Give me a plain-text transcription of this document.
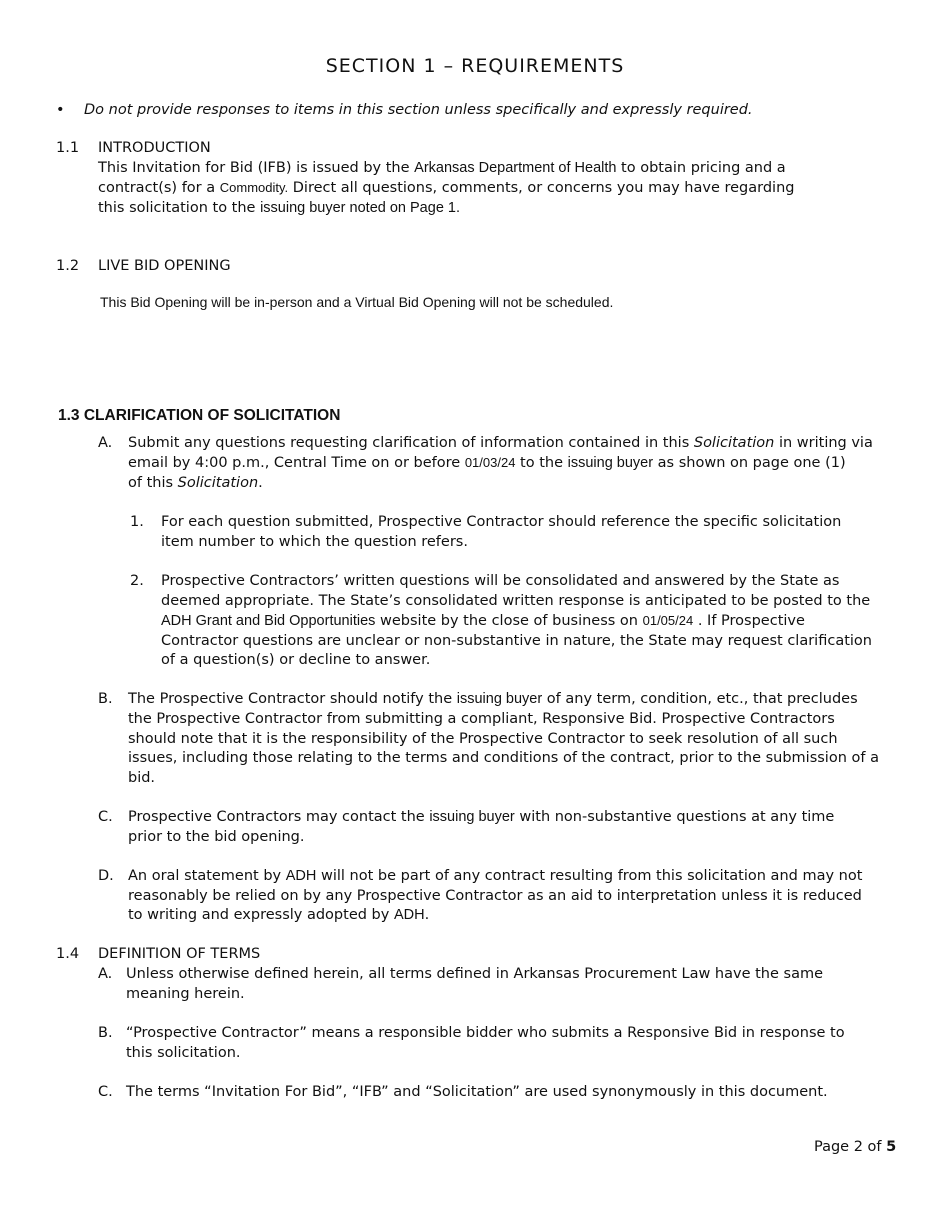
SECTION 1 – REQUIREMENTS
• Do not provide responses to items in this section unless specifically and expressly required.
1.1 INTRODUCTION
This Invitation for Bid (IFB) is issued by the Arkansas Department of Health to obtain pricing and a
contract(s) for a Commodity. Direct all questions, comments, or concerns you may have regarding
this solicitation to the issuing buyer noted on Page 1.
1.2 LIVE BID OPENING
This Bid Opening will be in-person and a Virtual Bid Opening will not be scheduled.
1.3 CLARIFICATION OF SOLICITATION
A. Submit any questions requesting clarification of information contained in this Solicitation in writing via
email by 4:00 p.m., Central Time on or before 01/03/24 to the issuing buyer as shown on page one (1)
of this Solicitation.
1. For each question submitted, Prospective Contractor should reference the specific solicitation
item number to which the question refers.
2. Prospective Contractors’ written questions will be consolidated and answered by the State as
deemed appropriate. The State’s consolidated written response is anticipated to be posted to the
ADH Grant and Bid Opportunities website by the close of business on 01/05/24 . If Prospective
Contractor questions are unclear or non-substantive in nature, the State may request clarification
of a question(s) or decline to answer.
B. The Prospective Contractor should notify the issuing buyer of any term, condition, etc., that precludes
the Prospective Contractor from submitting a compliant, Responsive Bid. Prospective Contractors
should note that it is the responsibility of the Prospective Contractor to seek resolution of all such
issues, including those relating to the terms and conditions of the contract, prior to the submission of a
bid.
C. Prospective Contractors may contact the issuing buyer with non-substantive questions at any time
prior to the bid opening.
D. An oral statement by ADH will not be part of any contract resulting from this solicitation and may not
reasonably be relied on by any Prospective Contractor as an aid to interpretation unless it is reduced
to writing and expressly adopted by ADH.
1.4 DEFINITION OF TERMS
A. Unless otherwise defined herein, all terms defined in Arkansas Procurement Law have the same
meaning herein.
B. “Prospective Contractor” means a responsible bidder who submits a Responsive Bid in response to
this solicitation.
C. The terms “Invitation For Bid”, “IFB” and “Solicitation” are used synonymously in this document.
Page 2 of 5
